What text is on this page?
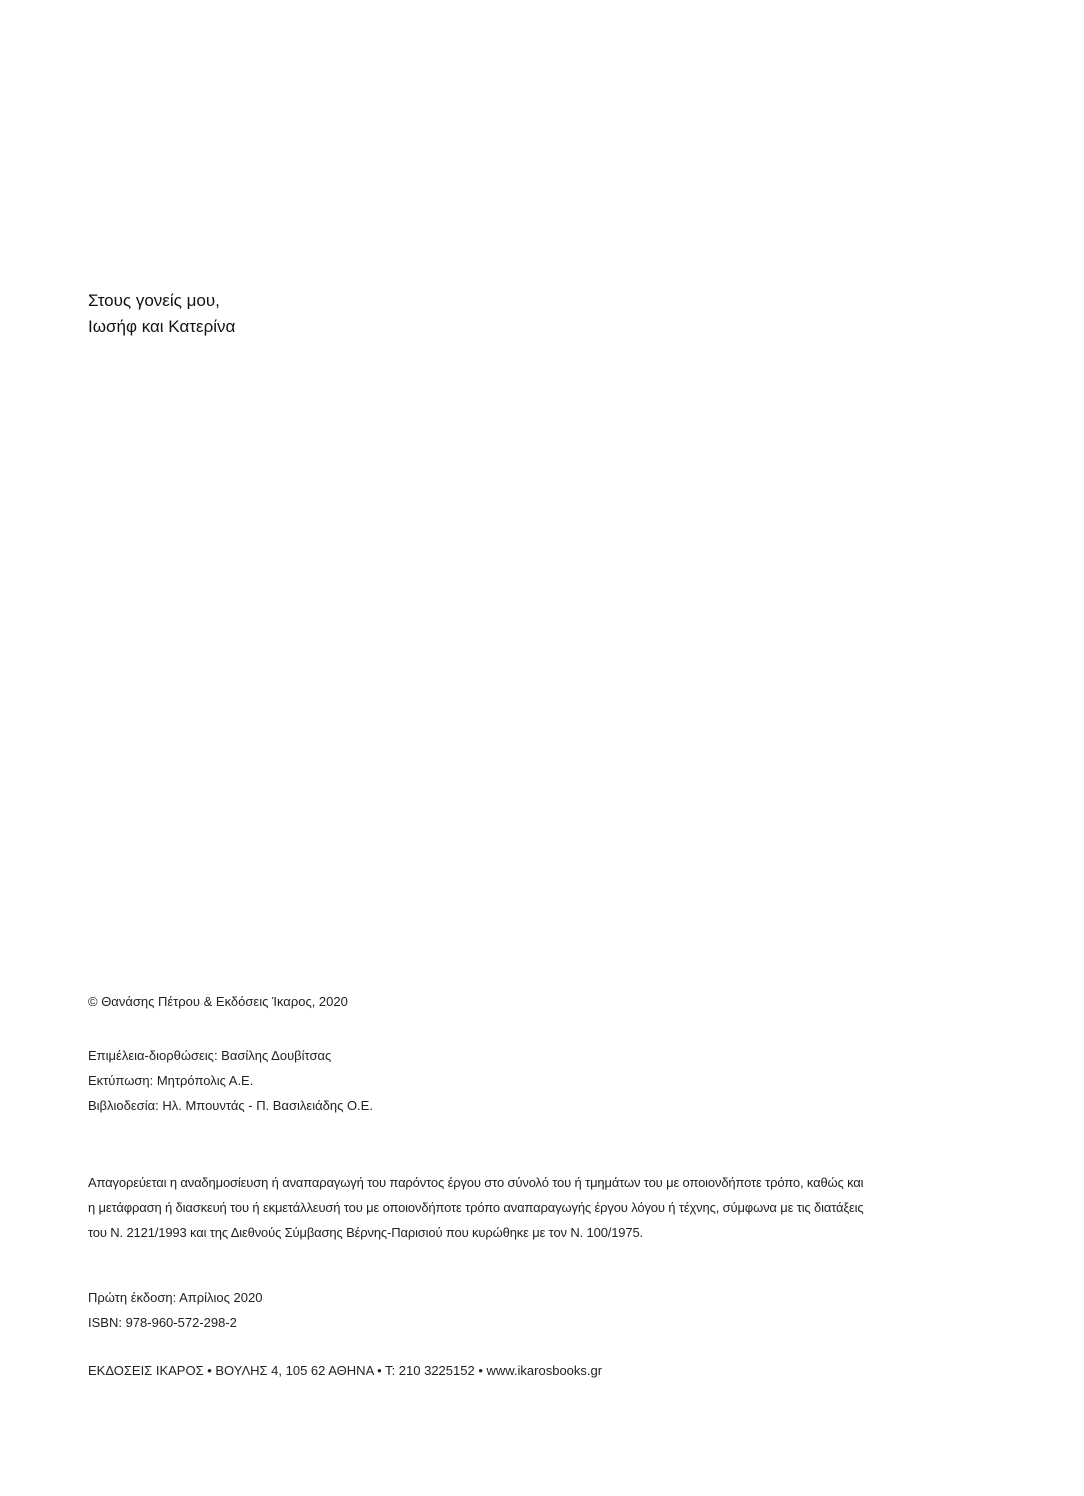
Στους γονείς μου,
Ιωσήφ και Κατερίνα
© Θανάσης Πέτρου & Εκδόσεις Ίκαρος, 2020
Επιμέλεια-διορθώσεις: Βασίλης Δουβίτσας
Εκτύπωση: Μητρόπολις Α.Ε.
Βιβλιοδεσία: Ηλ. Μπουντάς - Π. Βασιλειάδης Ο.Ε.
Απαγορεύεται η αναδημοσίευση ή αναπαραγωγή του παρόντος έργου στο σύνολό του ή τμημάτων του με οποιονδήποτε τρόπο, καθώς και
η μετάφραση ή διασκευή του ή εκμετάλλευσή του με οποιονδήποτε τρόπο αναπαραγωγής έργου λόγου ή τέχνης, σύμφωνα με τις διατάξεις
του Ν. 2121/1993 και της Διεθνούς Σύμβασης Βέρνης-Παρισιού που κυρώθηκε με τον Ν. 100/1975.
Πρώτη έκδοση: Απρίλιος 2020
ISBN: 978-960-572-298-2
ΕΚΔΟΣΕΙΣ ΙΚΑΡΟΣ • ΒΟΥΛΗΣ 4, 105 62 ΑΘΗΝΑ • Τ: 210 3225152 • www.ikarosbooks.gr
